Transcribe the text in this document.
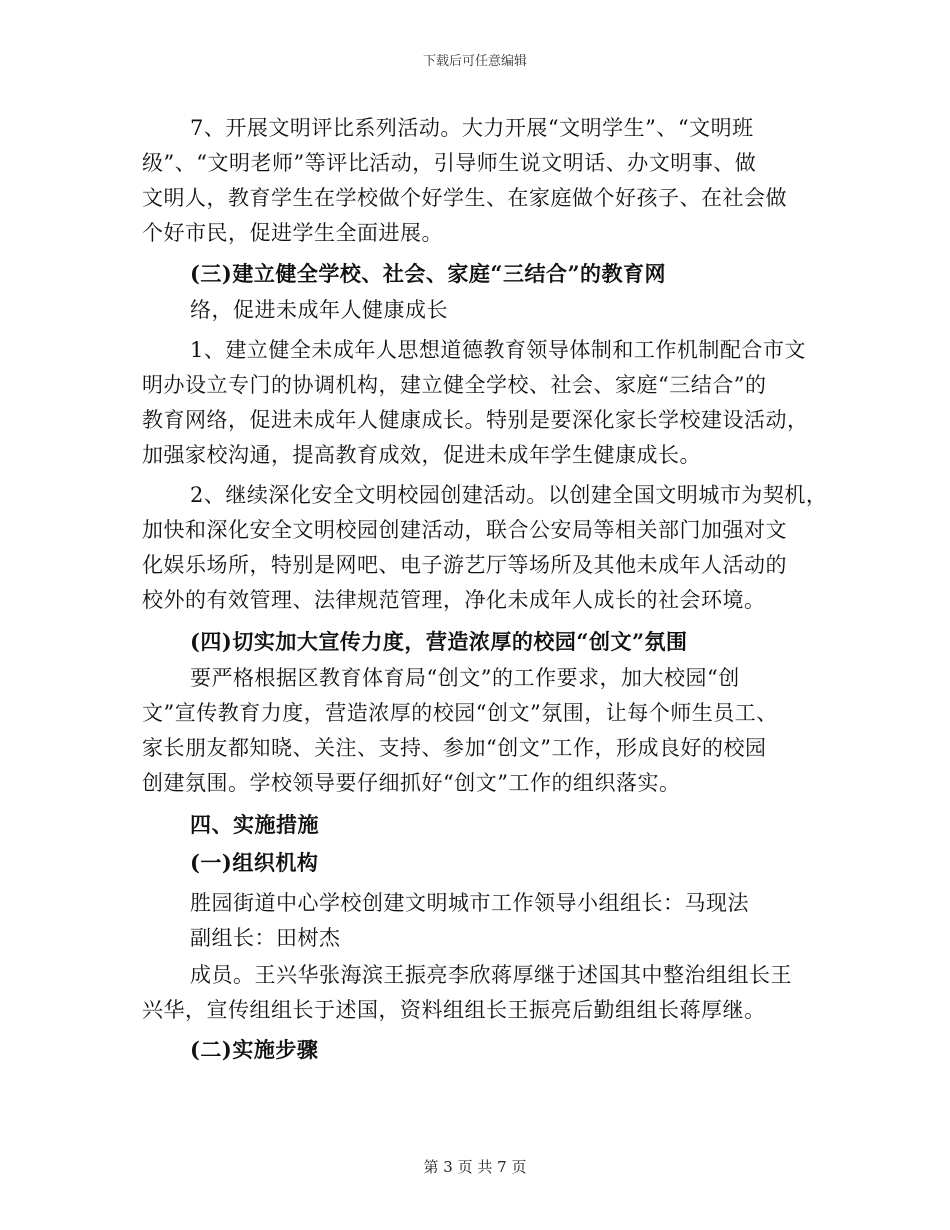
下载后可任意编辑
7、开展文明评比系列活动。大力开展“文明学生”、“文明班
级”、“文明老师”等评比活动，引导师生说文明话、办文明事、做
文明人，教育学生在学校做个好学生、在家庭做个好孩子、在社会做
个好市民，促进学生全面进展。
(三)建立健全学校、社会、家庭“三结合”的教育网
络，促进未成年人健康成长
1、建立健全未成年人思想道德教育领导体制和工作机制配合市文
明办设立专门的协调机构，建立健全学校、社会、家庭“三结合”的
教育网络，促进未成年人健康成长。特别是要深化家长学校建设活动，
加强家校沟通，提高教育成效，促进未成年学生健康成长。
2、继续深化安全文明校园创建活动。以创建全国文明城市为契机，
加快和深化安全文明校园创建活动，联合公安局等相关部门加强对文
化娱乐场所，特别是网吧、电子游艺厅等场所及其他未成年人活动的
校外的有效管理、法律规范管理，净化未成年人成长的社会环境。
(四)切实加大宣传力度，营造浓厚的校园“创文”氛围
要严格根据区教育体育局“创文”的工作要求，加大校园“创
文”宣传教育力度，营造浓厚的校园“创文”氛围，让每个师生员工、
家长朋友都知晓、关注、支持、参加“创文”工作，形成良好的校园
创建氛围。学校领导要仔细抓好“创文”工作的组织落实。
四、实施措施
(一)组织机构
胜园街道中心学校创建文明城市工作领导小组组长：马现法
副组长：田树杰
成员。王兴华张海滨王振亮李欣蒋厚继于述国其中整治组组长王
兴华，宣传组组长于述国，资料组组长王振亮后勤组组长蒋厚继。
(二)实施步骤
第 3 页 共 7 页
